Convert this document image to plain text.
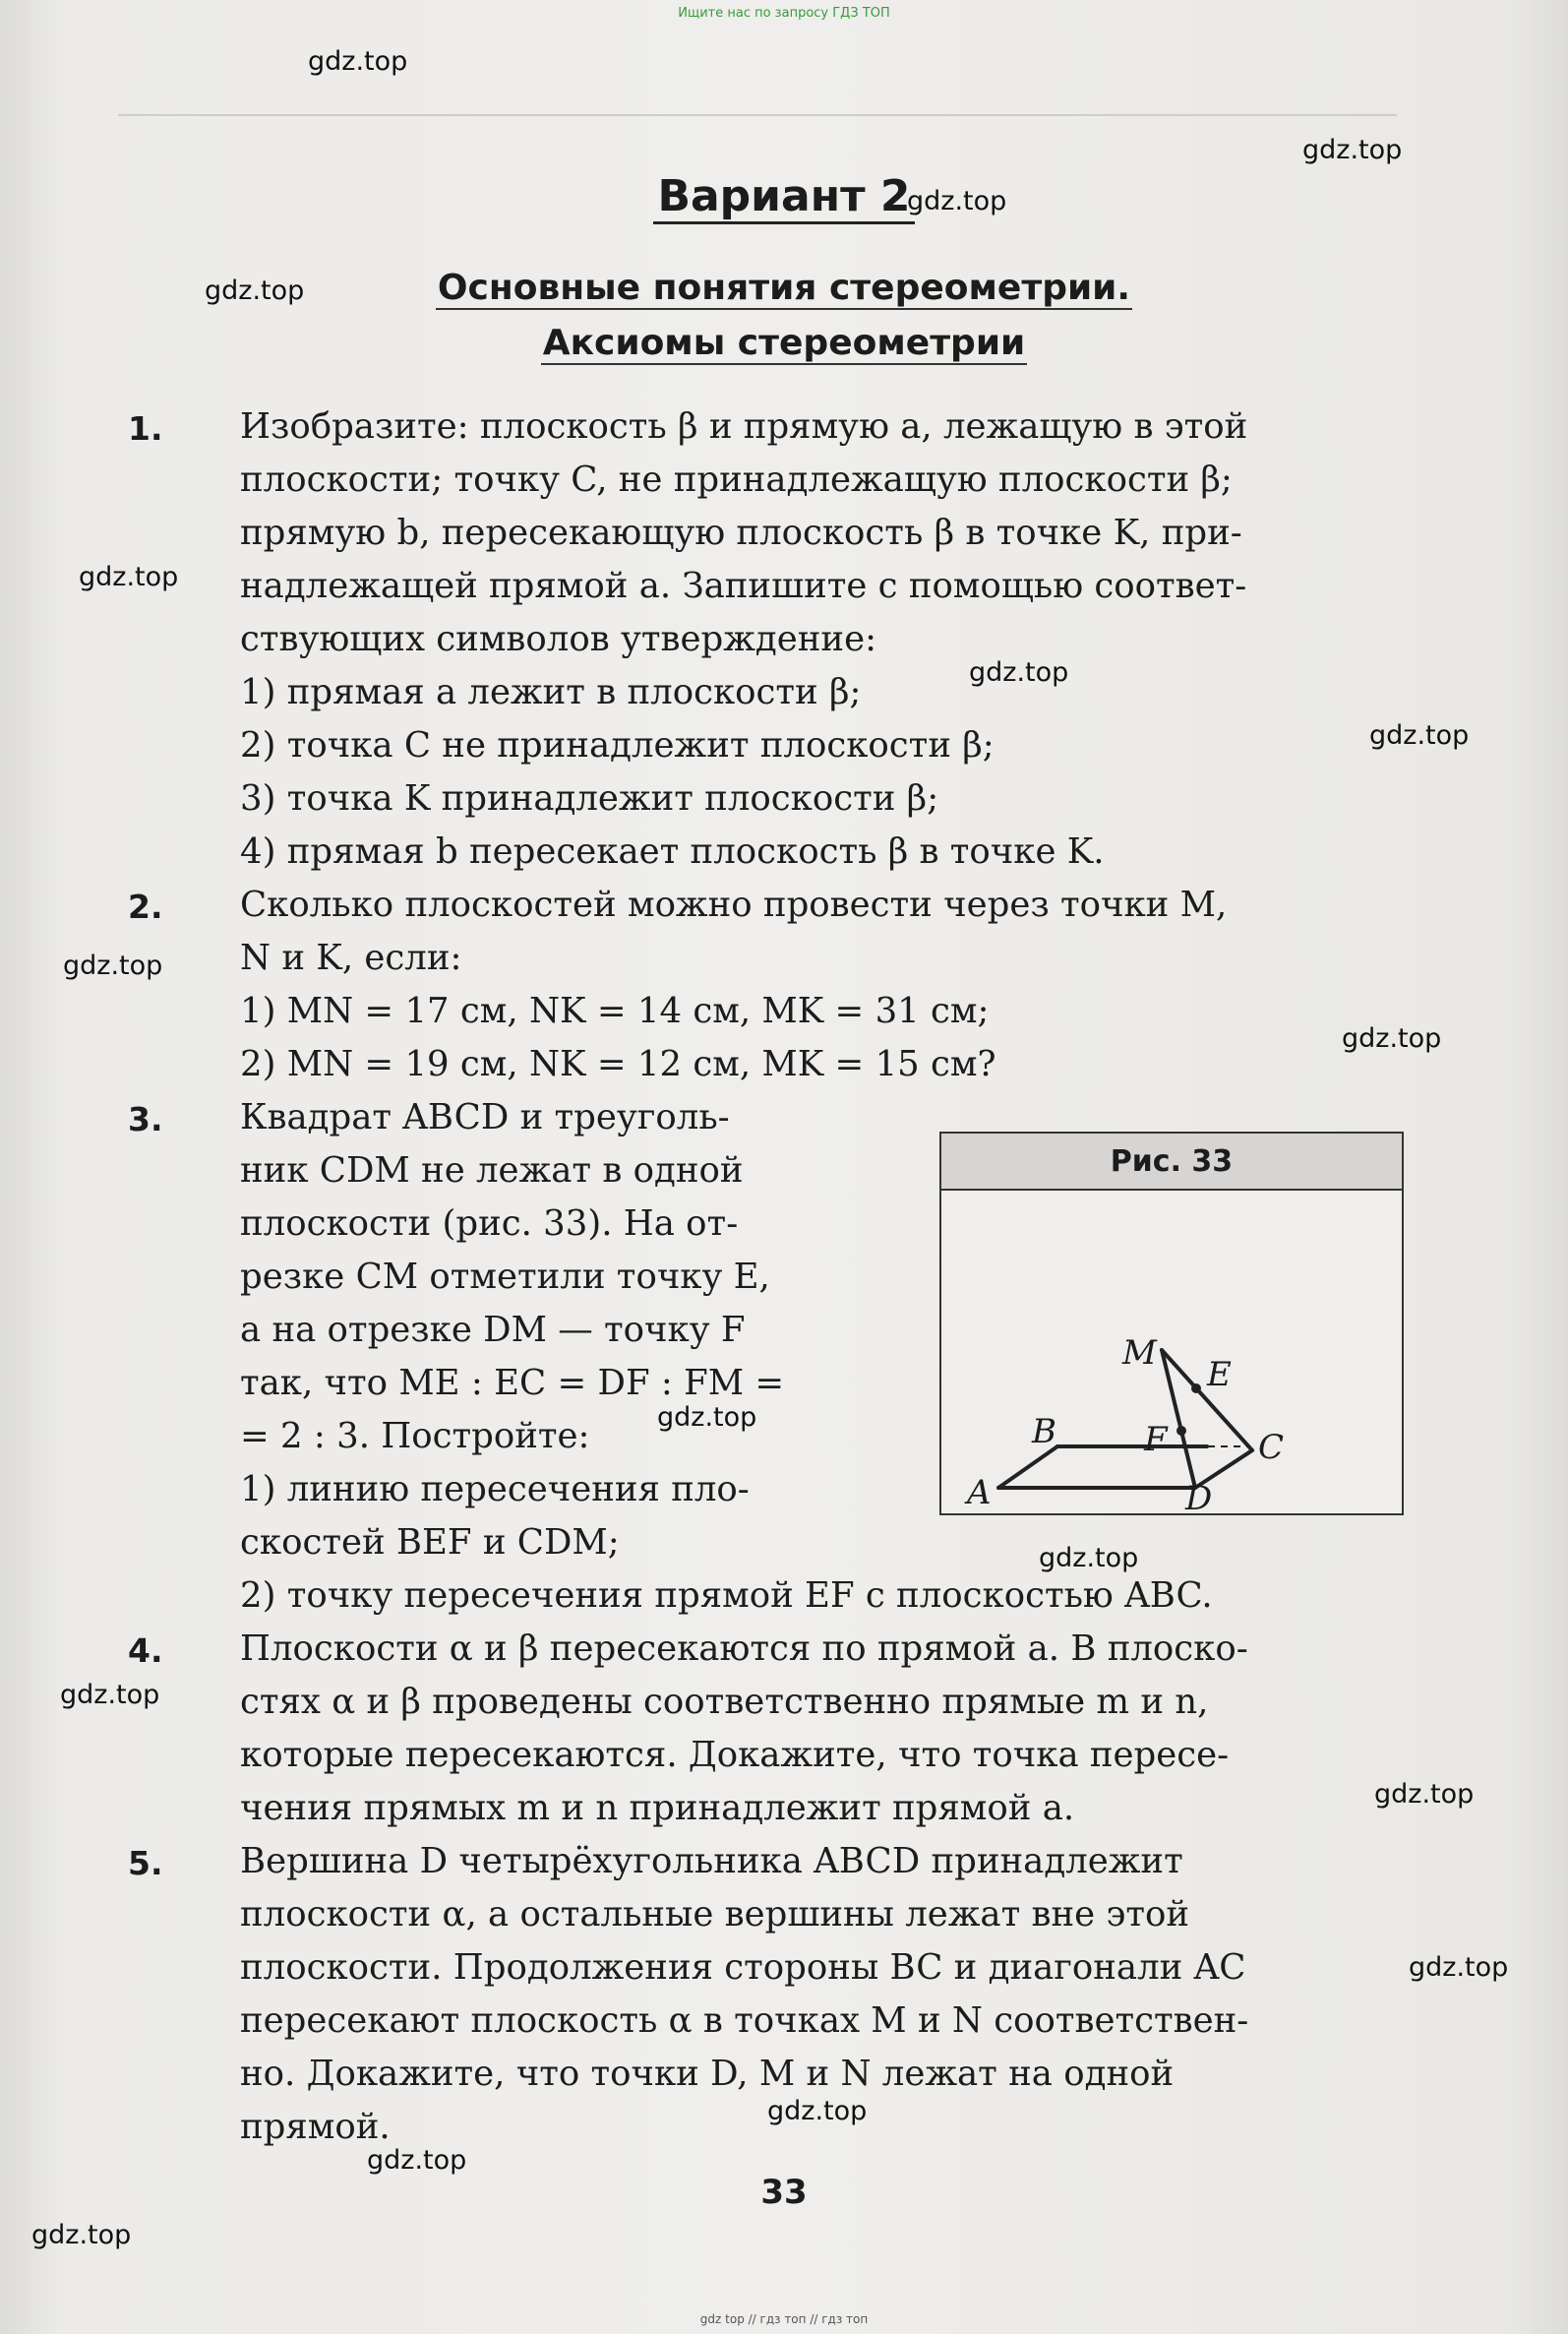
Ищите нас по запросу ГДЗ ТОП
gdz.top
gdz.top
gdz.top
gdz.top
gdz.top
gdz.top
gdz.top
gdz.top
gdz.top
gdz.top
gdz.top
gdz.top
gdz.top
gdz.top
gdz.top
gdz.top
gdz.top
Вариант 2
Основные понятия стереометрии.
Аксиомы стереометрии
1. Изобразите: плоскость β и прямую a, лежащую в этой
плоскости; точку C, не принадлежащую плоскости β;
прямую b, пересекающую плоскость β в точке K, при-
надлежащей прямой a. Запишите с помощью соответ-
ствующих символов утверждение:
1) прямая a лежит в плоскости β;
2) точка C не принадлежит плоскости β;
3) точка K принадлежит плоскости β;
4) прямая b пересекает плоскость β в точке K.
2. Сколько плоскостей можно провести через точки M,
N и K, если:
1) MN = 17 см, NK = 14 см, MK = 31 см;
2) MN = 19 см, NK = 12 см, MK = 15 см?
3. Квадрат ABCD и треуголь-
ник CDM не лежат в одной
плоскости (рис. 33). На от-
резке CM отметили точку E,
а на отрезке DM — точку F
так, что ME : EC = DF : FM =
= 2 : 3. Постройте:
1) линию пересечения пло-
скостей BEF и CDM;
2) точку пересечения прямой EF с плоскостью ABC.
Рис. 33
M
E
B	C
F
A	D
4. Плоскости α и β пересекаются по прямой a. В плоско-
стях α и β проведены соответственно прямые m и n,
которые пересекаются. Докажите, что точка пересе-
чения прямых m и n принадлежит прямой a.
5. Вершина D четырёхугольника ABCD принадлежит
плоскости α, а остальные вершины лежат вне этой
плоскости. Продолжения стороны BC и диагонали AC
пересекают плоскость α в точках M и N соответствен-
но. Докажите, что точки D, M и N лежат на одной
прямой.
33
gdz top // гдз топ // гдз топ
